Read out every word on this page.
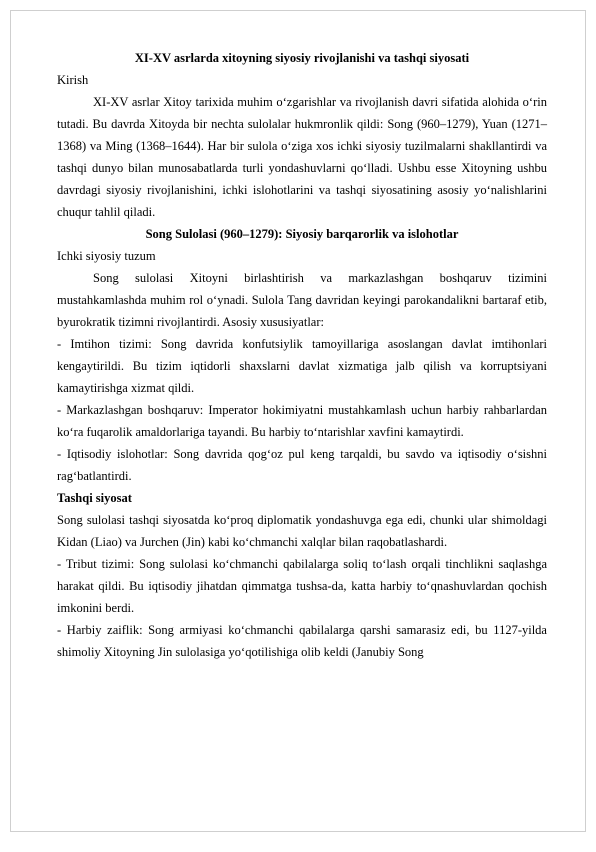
XI-XV asrlarda xitoyning siyosiy rivojlanishi va tashqi siyosati
Kirish

XI-XV asrlar Xitoy tarixida muhim o‘zgarishlar va rivojlanish davri sifatida alohida o‘rin tutadi. Bu davrda Xitoyda bir nechta sulolalar hukmronlik qildi: Song (960–1279), Yuan (1271–1368) va Ming (1368–1644). Har bir sulola o‘ziga xos ichki siyosiy tuzilmalarni shakllantirdi va tashqi dunyo bilan munosabatlarda turli yondashuvlarni qo‘lladi. Ushbu esse Xitoyning ushbu davrdagi siyosiy rivojlanishini, ichki islohotlarini va tashqi siyosatining asosiy yo‘nalishlarini chuqur tahlil qiladi.

Song Sulolasi (960–1279): Siyosiy barqarorlik va islohotlar
Ichki siyosiy tuzum

Song sulolasi Xitoyni birlashtirish va markazlashgan boshqaruv tizimini mustahkamlashda muhim rol o‘ynadi. Sulola Tang davridan keyingi parokandalikni bartaraf etib, byurokratik tizimni rivojlantirdi. Asosiy xususiyatlar:

- Imtihon tizimi: Song davrida konfutsiylik tamoyillariga asoslangan davlat imtihonlari kengaytirildi. Bu tizim iqtidorli shaxslarni davlat xizmatiga jalb qilish va korruptsiyani kamaytirishga xizmat qildi.

- Markazlashgan boshqaruv: Imperator hokimiyatni mustahkamlash uchun harbiy rahbarlardan ko‘ra fuqarolik amaldorlariga tayandi. Bu harbiy to‘ntarishlar xavfini kamaytirdi.

- Iqtisodiy islohotlar: Song davrida qog‘oz pul keng tarqaldi, bu savdo va iqtisodiy o‘sishni rag‘batlantirdi.

Tashqi siyosat

Song sulolasi tashqi siyosatda ko‘proq diplomatik yondashuvga ega edi, chunki ular shimoldagi Kidan (Liao) va Jurchen (Jin) kabi ko‘chmanchi xalqlar bilan raqobatlashardi.

- Tribut tizimi: Song sulolasi ko‘chmanchi qabilalarga soliq to‘lash orqali tinchlikni saqlashga harakat qildi. Bu iqtisodiy jihatdan qimmatga tushsa-da, katta harbiy to‘qnashuvlardan qochish imkonini berdi.

- Harbiy zaiflik: Song armiyasi ko‘chmanchi qabilalarga qarshi samarasiz edi, bu 1127-yilda shimoliy Xitoyning Jin sulolasiga yo‘qotilishiga olib keldi (Janubiy Song
